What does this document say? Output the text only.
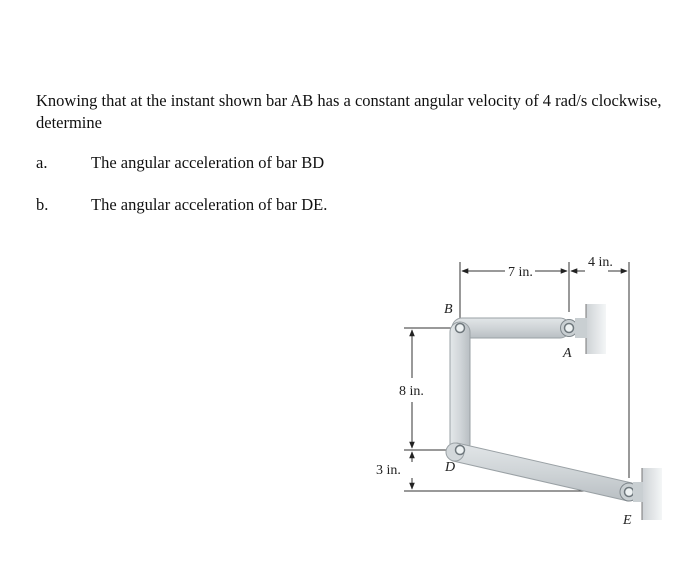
Knowing that at the instant shown bar AB has a constant angular velocity of 4 rad/s clockwise, determine

a.	The angular acceleration of bar BD
b.	The angular acceleration of bar DE.
B
A
D
E
7 in.
4 in.
8 in.
3 in.
